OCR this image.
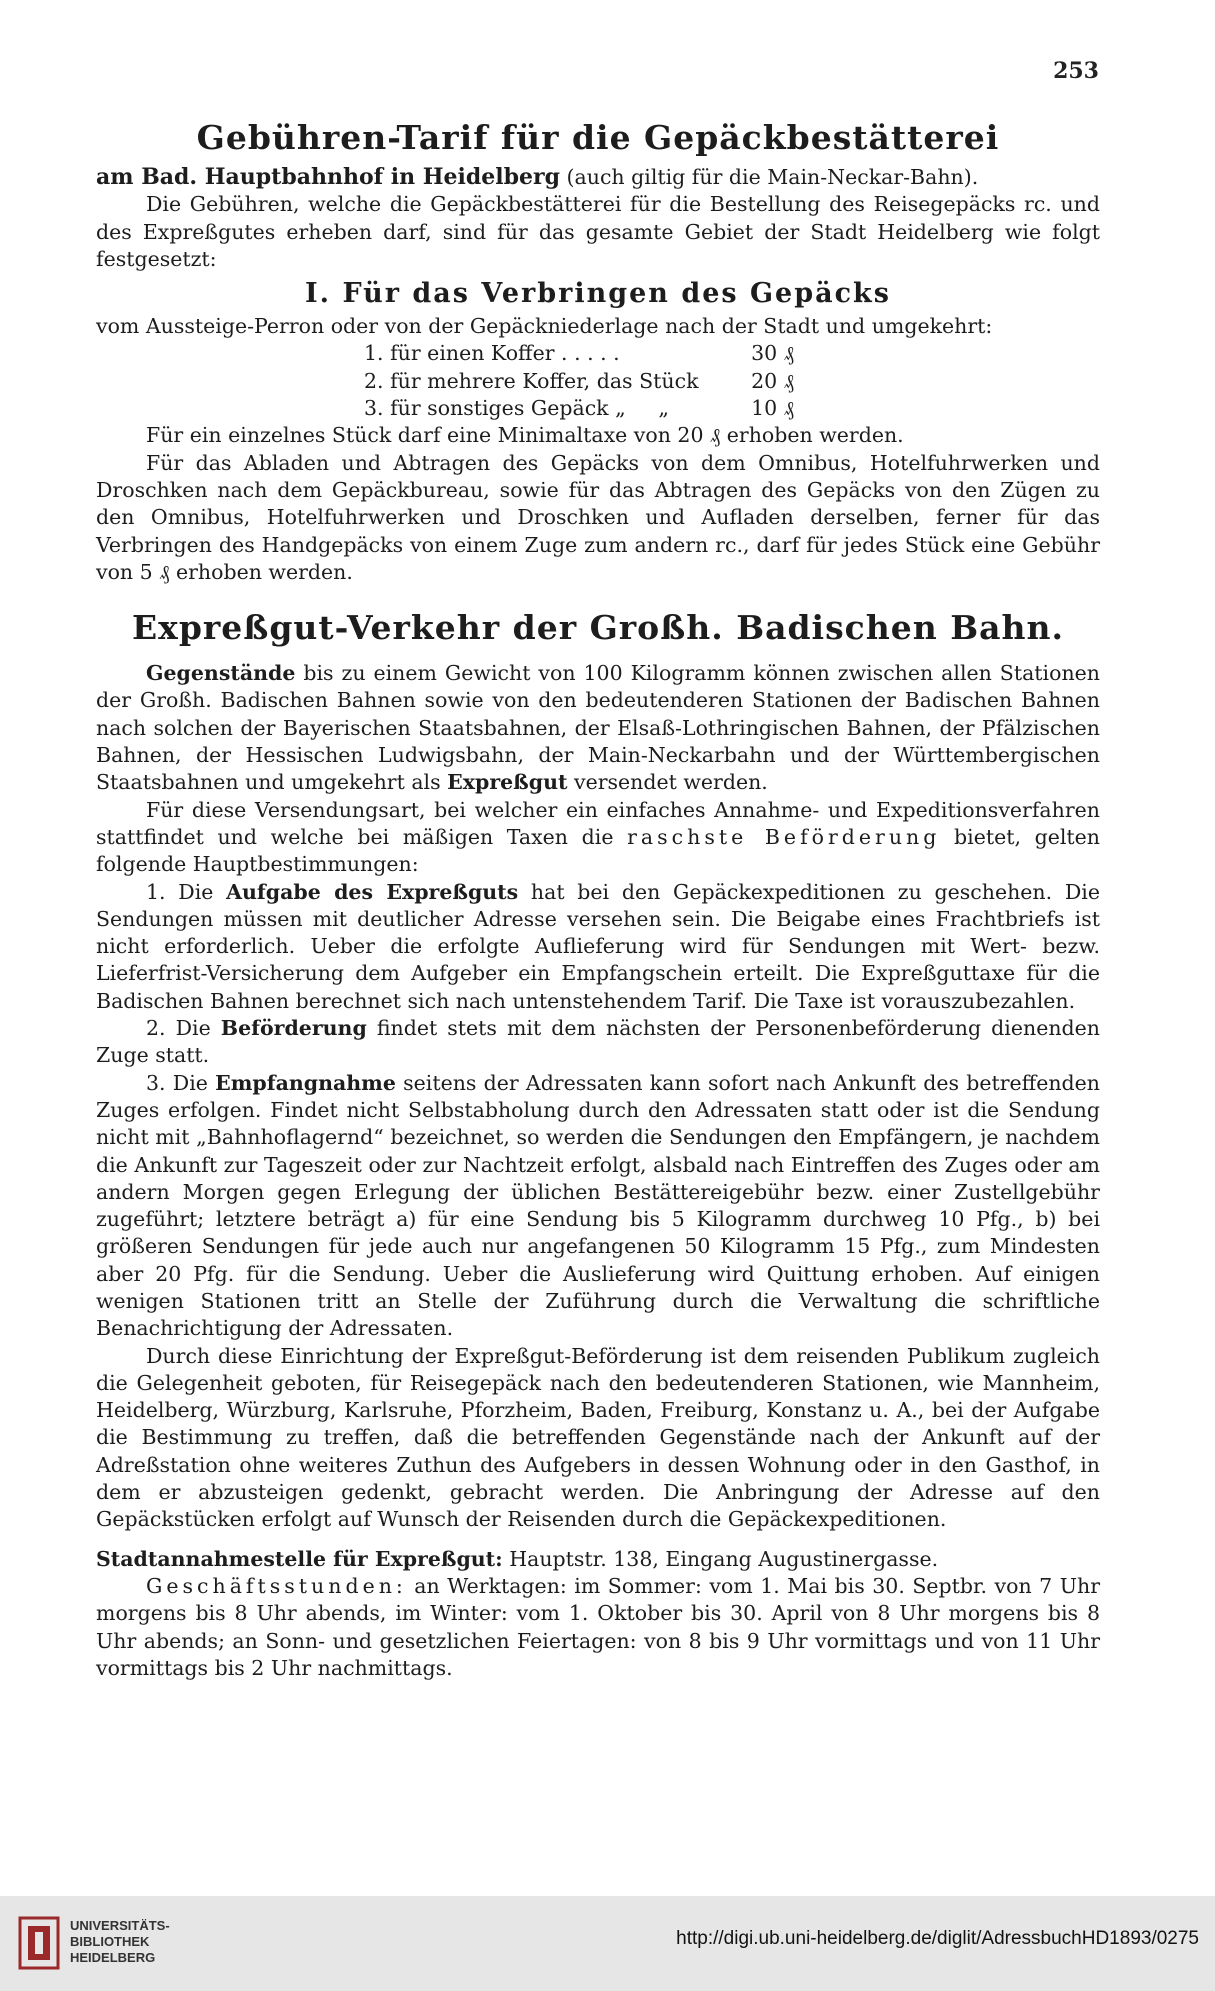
253
Gebühren-Tarif für die Gepäckbestätterei

am Bad. Hauptbahnhof in Heidelberg (auch giltig für die Main-Neckar-Bahn).

Die Gebühren, welche die Gepäckbestätterei für die Bestellung des Reisegepäcks rc. und des Expreßgutes erheben darf, sind für das gesamte Gebiet der Stadt Heidelberg wie folgt festgesetzt:

I. Für das Verbringen des Gepäcks

vom Aussteige-Perron oder von der Gepäckniederlage nach der Stadt und umgekehrt:

1. für einen Koffer . . . . .	30 ₰
2. für mehrere Koffer, das Stück	20 ₰
3. für sonstiges Gepäck „     „	10 ₰

Für ein einzelnes Stück darf eine Minimaltaxe von 20 ₰ erhoben werden.

Für das Abladen und Abtragen des Gepäcks von dem Omnibus, Hotelfuhrwerken und Droschken nach dem Gepäckbureau, sowie für das Abtragen des Gepäcks von den Zügen zu den Omnibus, Hotelfuhrwerken und Droschken und Aufladen derselben, ferner für das Verbringen des Handgepäcks von einem Zuge zum andern rc., darf für jedes Stück eine Gebühr von 5 ₰ erhoben werden.

Expreßgut-Verkehr der Großh. Badischen Bahn.

Gegenstände bis zu einem Gewicht von 100 Kilogramm können zwischen allen Stationen der Großh. Badischen Bahnen sowie von den bedeutenderen Stationen der Badischen Bahnen nach solchen der Bayerischen Staatsbahnen, der Elsaß-Lothringischen Bahnen, der Pfälzischen Bahnen, der Hessischen Ludwigsbahn, der Main-Neckarbahn und der Württembergischen Staatsbahnen und umgekehrt als Expreßgut versendet werden.

Für diese Versendungsart, bei welcher ein einfaches Annahme- und Expeditionsverfahren stattfindet und welche bei mäßigen Taxen die raschste Beförderung bietet, gelten folgende Hauptbestimmungen:

1. Die Aufgabe des Expreßguts hat bei den Gepäckexpeditionen zu geschehen. Die Sendungen müssen mit deutlicher Adresse versehen sein. Die Beigabe eines Frachtbriefs ist nicht erforderlich. Ueber die erfolgte Auflieferung wird für Sendungen mit Wert- bezw. Lieferfrist-Versicherung dem Aufgeber ein Empfangschein erteilt. Die Expreßguttaxe für die Badischen Bahnen berechnet sich nach untenstehendem Tarif. Die Taxe ist vorauszubezahlen.

2. Die Beförderung findet stets mit dem nächsten der Personenbeförderung dienenden Zuge statt.

3. Die Empfangnahme seitens der Adressaten kann sofort nach Ankunft des betreffenden Zuges erfolgen. Findet nicht Selbstabholung durch den Adressaten statt oder ist die Sendung nicht mit „Bahnhoflagernd“ bezeichnet, so werden die Sendungen den Empfängern, je nachdem die Ankunft zur Tageszeit oder zur Nachtzeit erfolgt, alsbald nach Eintreffen des Zuges oder am andern Morgen gegen Erlegung der üblichen Bestättereigebühr bezw. einer Zustellgebühr zugeführt; letztere beträgt a) für eine Sendung bis 5 Kilogramm durchweg 10 Pfg., b) bei größeren Sendungen für jede auch nur angefangenen 50 Kilogramm 15 Pfg., zum Mindesten aber 20 Pfg. für die Sendung. Ueber die Auslieferung wird Quittung erhoben. Auf einigen wenigen Stationen tritt an Stelle der Zuführung durch die Verwaltung die schriftliche Benachrichtigung der Adressaten.

Durch diese Einrichtung der Expreßgut-Beförderung ist dem reisenden Publikum zugleich die Gelegenheit geboten, für Reisegepäck nach den bedeutenderen Stationen, wie Mannheim, Heidelberg, Würzburg, Karlsruhe, Pforzheim, Baden, Freiburg, Konstanz u. A., bei der Aufgabe die Bestimmung zu treffen, daß die betreffenden Gegenstände nach der Ankunft auf der Adreßstation ohne weiteres Zuthun des Aufgebers in dessen Wohnung oder in den Gasthof, in dem er abzusteigen gedenkt, gebracht werden. Die Anbringung der Adresse auf den Gepäckstücken erfolgt auf Wunsch der Reisenden durch die Gepäckexpeditionen.

Stadtannahmestelle für Expreßgut: Hauptstr. 138, Eingang Augustinergasse.

Geschäftsstunden: an Werktagen: im Sommer: vom 1. Mai bis 30. Septbr. von 7 Uhr morgens bis 8 Uhr abends, im Winter: vom 1. Oktober bis 30. April von 8 Uhr morgens bis 8 Uhr abends; an Sonn- und gesetzlichen Feiertagen: von 8 bis 9 Uhr vormittags und von 11 Uhr vormittags bis 2 Uhr nachmittags.

UNIVERSITÄTS-
BIBLIOTHEK
HEIDELBERG
http://digi.ub.uni-heidelberg.de/diglit/AdressbuchHD1893/0275
